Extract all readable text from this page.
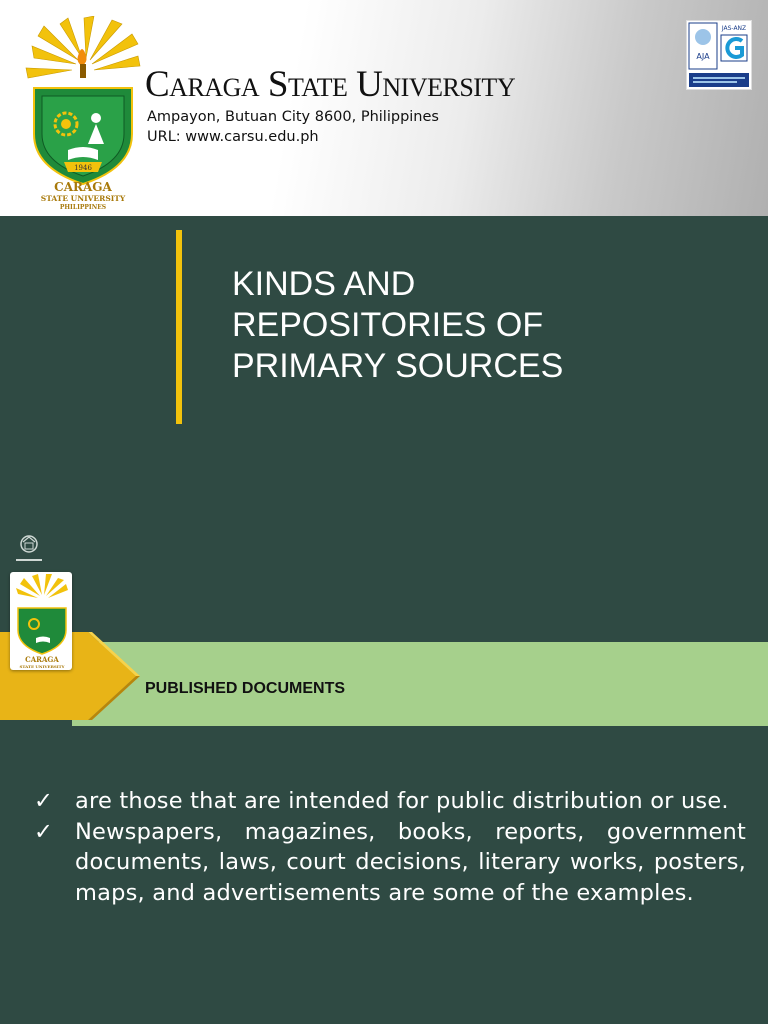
1946
CARAGA
STATE UNIVERSITY
PHILIPPINES
Caraga State University
Ampayon, Butuan City 8600, Philippines
URL: www.carsu.edu.ph
AJA
JAS-ANZ
KINDS AND
REPOSITORIES OF
PRIMARY SOURCES
CARAGA
STATE UNIVERSITY
PUBLISHED DOCUMENTS
✓ are those that are intended for public distribution or use.
✓ Newspapers, magazines, books, reports, government documents, laws, court decisions, literary works, posters, maps, and advertisements are some of the examples.
